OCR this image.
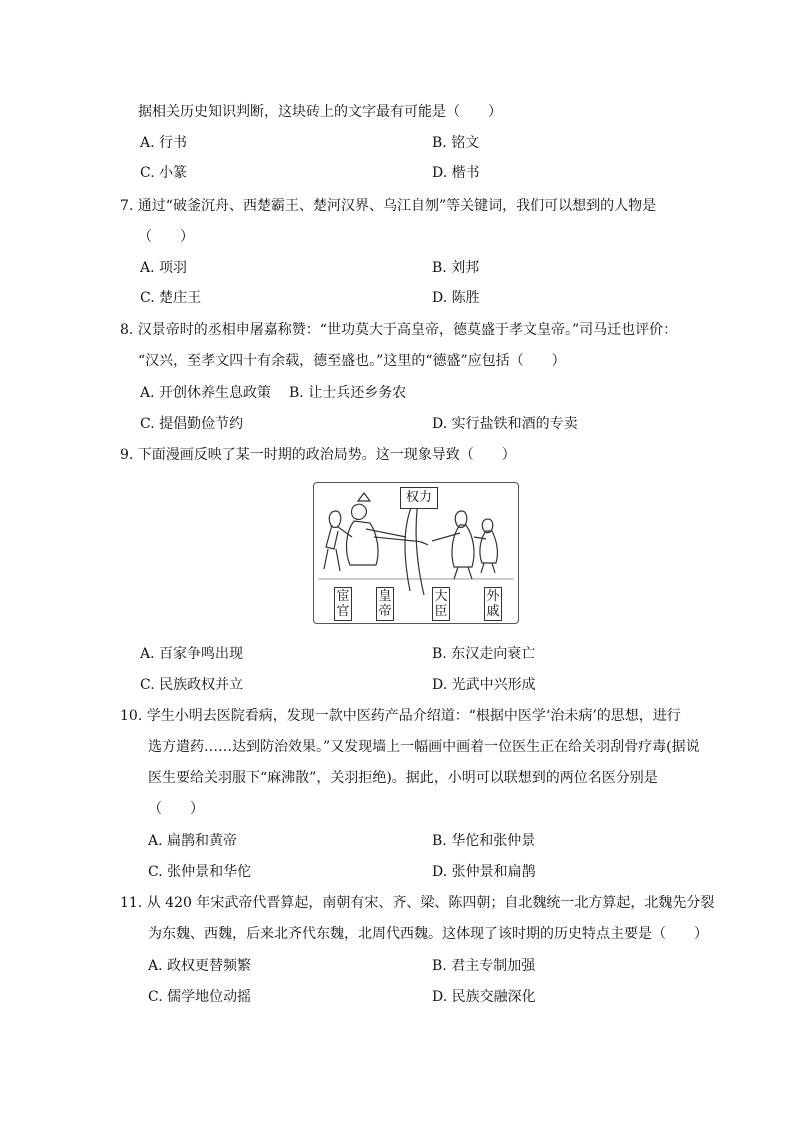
据相关历史知识判断，这块砖上的文字最有可能是（　　）
A. 行书	B. 铭文
C. 小篆	D. 楷书
7. 通过“破釜沉舟、西楚霸王、楚河汉界、乌江自刎”等关键词，我们可以想到的人物是
（　　）
A. 项羽	B. 刘邦
C. 楚庄王	D. 陈胜
8. 汉景帝时的丞相申屠嘉称赞：“世功莫大于高皇帝，德莫盛于孝文皇帝。”司马迁也评价：
“汉兴，至孝文四十有余载，德至盛也。”这里的“德盛”应包括（　　）
A. 开创休养生息政策 B. 让士兵还乡务农
C. 提倡勤俭节约	D. 实行盐铁和酒的专卖
9. 下面漫画反映了某一时期的政治局势。这一现象导致（　　）
权力
宦官
皇帝
大臣
外戚
A. 百家争鸣出现	B. 东汉走向衰亡
C. 民族政权并立	D. 光武中兴形成
10. 学生小明去医院看病，发现一款中医药产品介绍道：“根据中医学‘治未病’的思想，进行
选方遣药……达到防治效果。”又发现墙上一幅画中画着一位医生正在给关羽刮骨疗毒(据说
医生要给关羽服下“麻沸散”，关羽拒绝)。据此，小明可以联想到的两位名医分别是
（　　）
A. 扁鹊和黄帝	B. 华佗和张仲景
C. 张仲景和华佗	D. 张仲景和扁鹊
11. 从 420 年宋武帝代晋算起，南朝有宋、齐、梁、陈四朝；自北魏统一北方算起，北魏先分裂
为东魏、西魏，后来北齐代东魏，北周代西魏。这体现了该时期的历史特点主要是（　　）
A. 政权更替频繁	B. 君主专制加强
C. 儒学地位动摇	D. 民族交融深化
